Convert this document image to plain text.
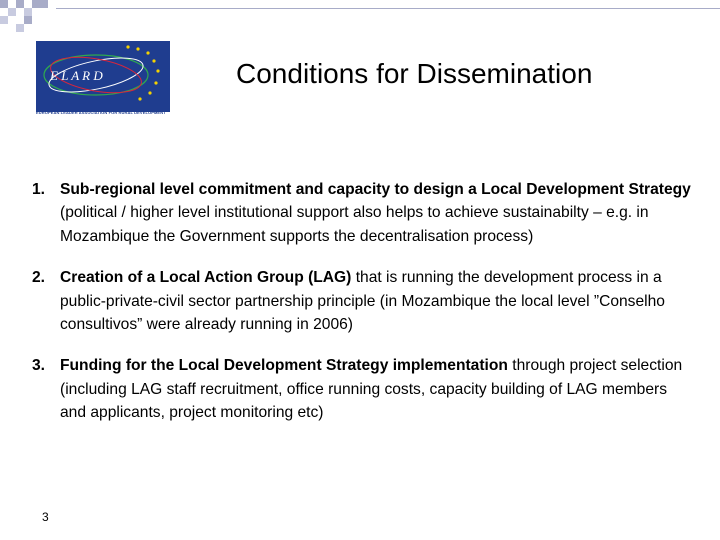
E L A R D
EUROPEAN LEADER ASSOCIATION FOR RURAL DEVELOPMENT
Conditions for Dissemination
1. Sub-regional level commitment and capacity to design a Local Development Strategy (political / higher level institutional support also helps to achieve sustainabilty – e.g. in Mozambique the Government supports the decentralisation process)
2. Creation of a Local Action Group (LAG) that is running the development process in a public-private-civil sector partnership principle (in Mozambique the local level ”Conselho consultivos” were already running in 2006)
3. Funding for the Local Development Strategy implementation through project selection (including LAG staff recruitment, office running costs, capacity building of LAG members and applicants, project monitoring etc)
3
